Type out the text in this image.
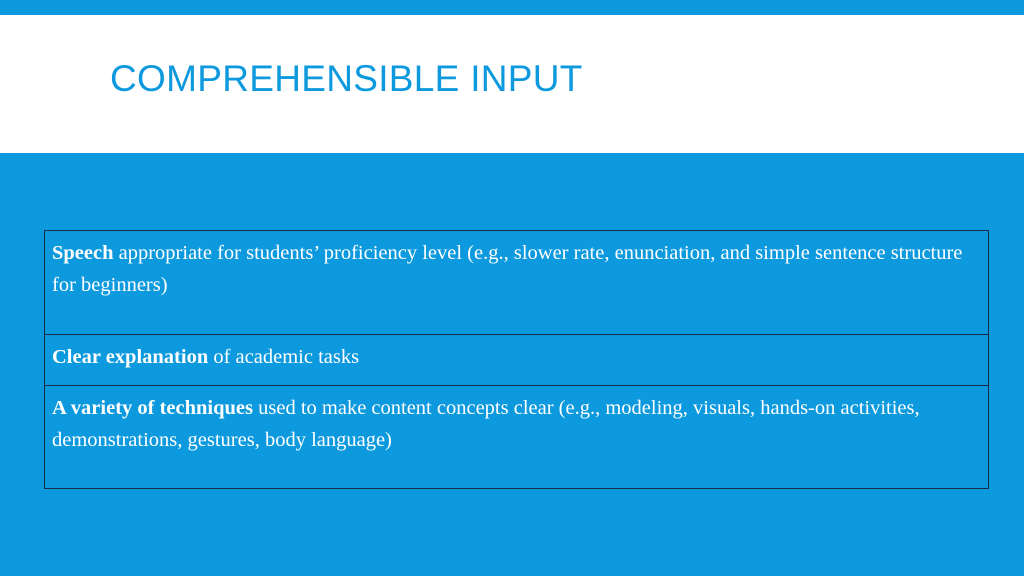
COMPREHENSIBLE INPUT
Speech appropriate for students’ proficiency level (e.g., slower rate, enunciation, and simple sentence structure for beginners)
Clear explanation of academic tasks
A variety of techniques used to make content concepts clear (e.g., modeling, visuals, hands-on activities, demonstrations, gestures, body language)
